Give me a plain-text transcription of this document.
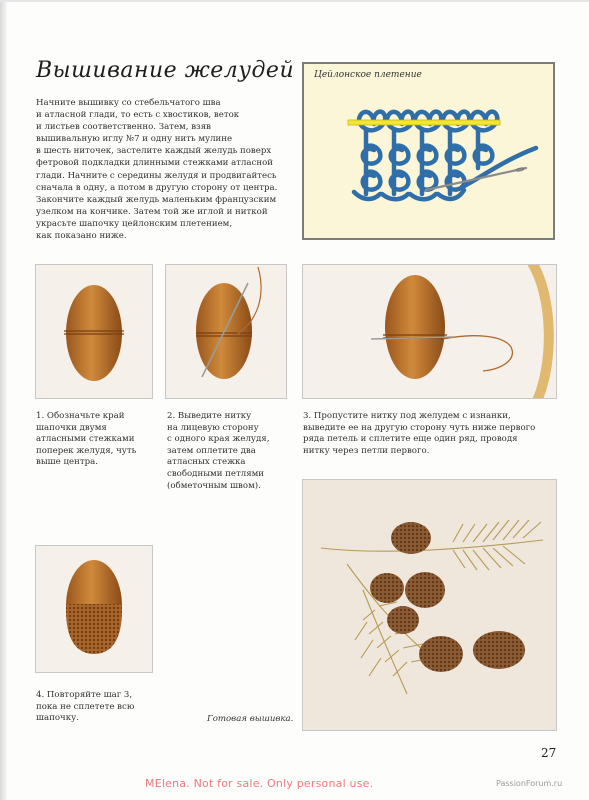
Вышивание желудей
Начните вышивку со стебельчатого шва
и атласной глади, то есть с хвостиков, веток
и листьев соответственно. Затем, взяв
вышивальную иглу №7 и одну нить мулине
в шесть ниточек, застелите каждый желудь поверх
фетровой подкладки длинными стежками атласной
глади. Начните с середины желудя и продвигайтесь
сначала в одну, а потом в другую сторону от центра.
Закончите каждый желудь маленьким французским
узелком на кончике. Затем той же иглой и ниткой
украсьте шапочку цейлонским плетением,
как показано ниже.
Цейлонское плетение
1. Обозначьте край
шапочки двумя
атласными стежками
поперек желудя, чуть
выше центра.
2. Выведите нитку
на лицевую сторону
с одного края желудя,
затем оплетите два
атласных стежка
свободными петлями
(обметочным швом).
3. Пропустите нитку под желудем с изнанки,
выведите ее на другую сторону чуть ниже первого
ряда петель и сплетите еще один ряд, проводя
нитку через петли первого.
4. Повторяйте шаг 3,
пока не сплетете всю
шапочку.	Готовая вышивка.
27
MElena. Not for sale. Only personal use.	PassionForum.ru
